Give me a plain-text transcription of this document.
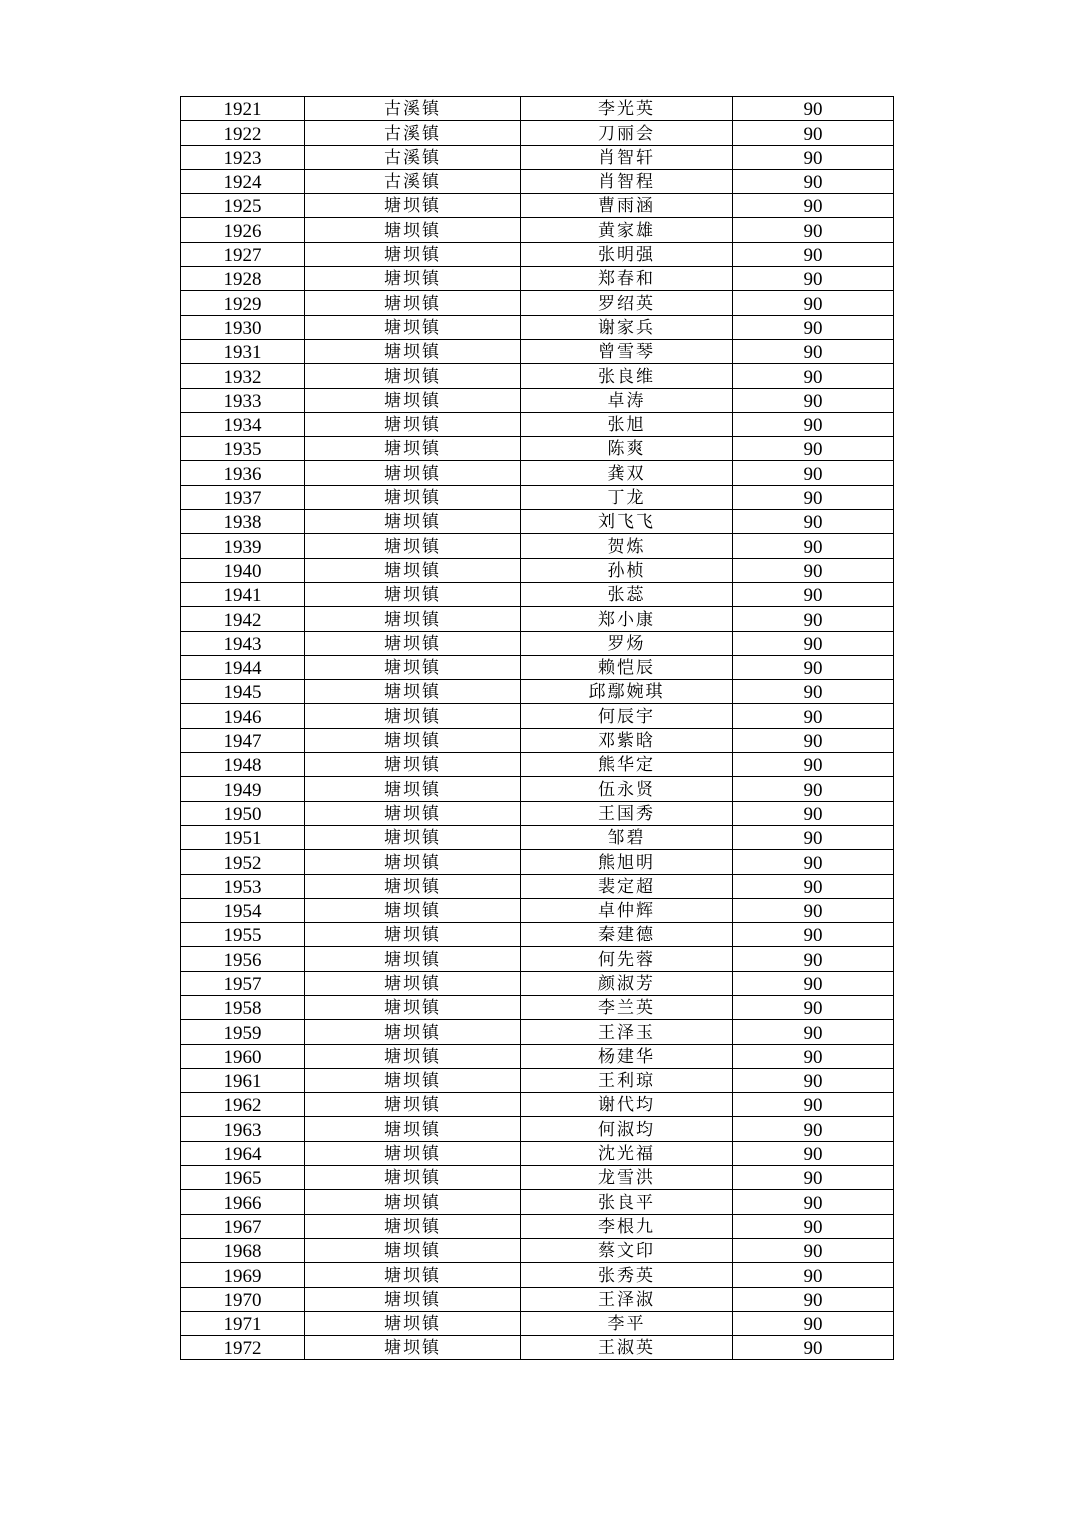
1921	古溪镇	李光英	90
1922	古溪镇	刀丽会	90
1923	古溪镇	肖智轩	90
1924	古溪镇	肖智程	90
1925	塘坝镇	曹雨涵	90
1926	塘坝镇	黄家雄	90
1927	塘坝镇	张明强	90
1928	塘坝镇	郑春和	90
1929	塘坝镇	罗绍英	90
1930	塘坝镇	谢家兵	90
1931	塘坝镇	曾雪琴	90
1932	塘坝镇	张良维	90
1933	塘坝镇	卓涛	90
1934	塘坝镇	张旭	90
1935	塘坝镇	陈爽	90
1936	塘坝镇	龚双	90
1937	塘坝镇	丁龙	90
1938	塘坝镇	刘飞飞	90
1939	塘坝镇	贺炼	90
1940	塘坝镇	孙桢	90
1941	塘坝镇	张蕊	90
1942	塘坝镇	郑小康	90
1943	塘坝镇	罗炀	90
1944	塘坝镇	赖恺辰	90
1945	塘坝镇	邱鄢婉琪	90
1946	塘坝镇	何辰宇	90
1947	塘坝镇	邓紫晗	90
1948	塘坝镇	熊华定	90
1949	塘坝镇	伍永贤	90
1950	塘坝镇	王国秀	90
1951	塘坝镇	邹碧	90
1952	塘坝镇	熊旭明	90
1953	塘坝镇	裴定超	90
1954	塘坝镇	卓仲辉	90
1955	塘坝镇	秦建德	90
1956	塘坝镇	何先蓉	90
1957	塘坝镇	颜淑芳	90
1958	塘坝镇	李兰英	90
1959	塘坝镇	王泽玉	90
1960	塘坝镇	杨建华	90
1961	塘坝镇	王利琼	90
1962	塘坝镇	谢代均	90
1963	塘坝镇	何淑均	90
1964	塘坝镇	沈光福	90
1965	塘坝镇	龙雪洪	90
1966	塘坝镇	张良平	90
1967	塘坝镇	李根九	90
1968	塘坝镇	蔡文印	90
1969	塘坝镇	张秀英	90
1970	塘坝镇	王泽淑	90
1971	塘坝镇	李平	90
1972	塘坝镇	王淑英	90
